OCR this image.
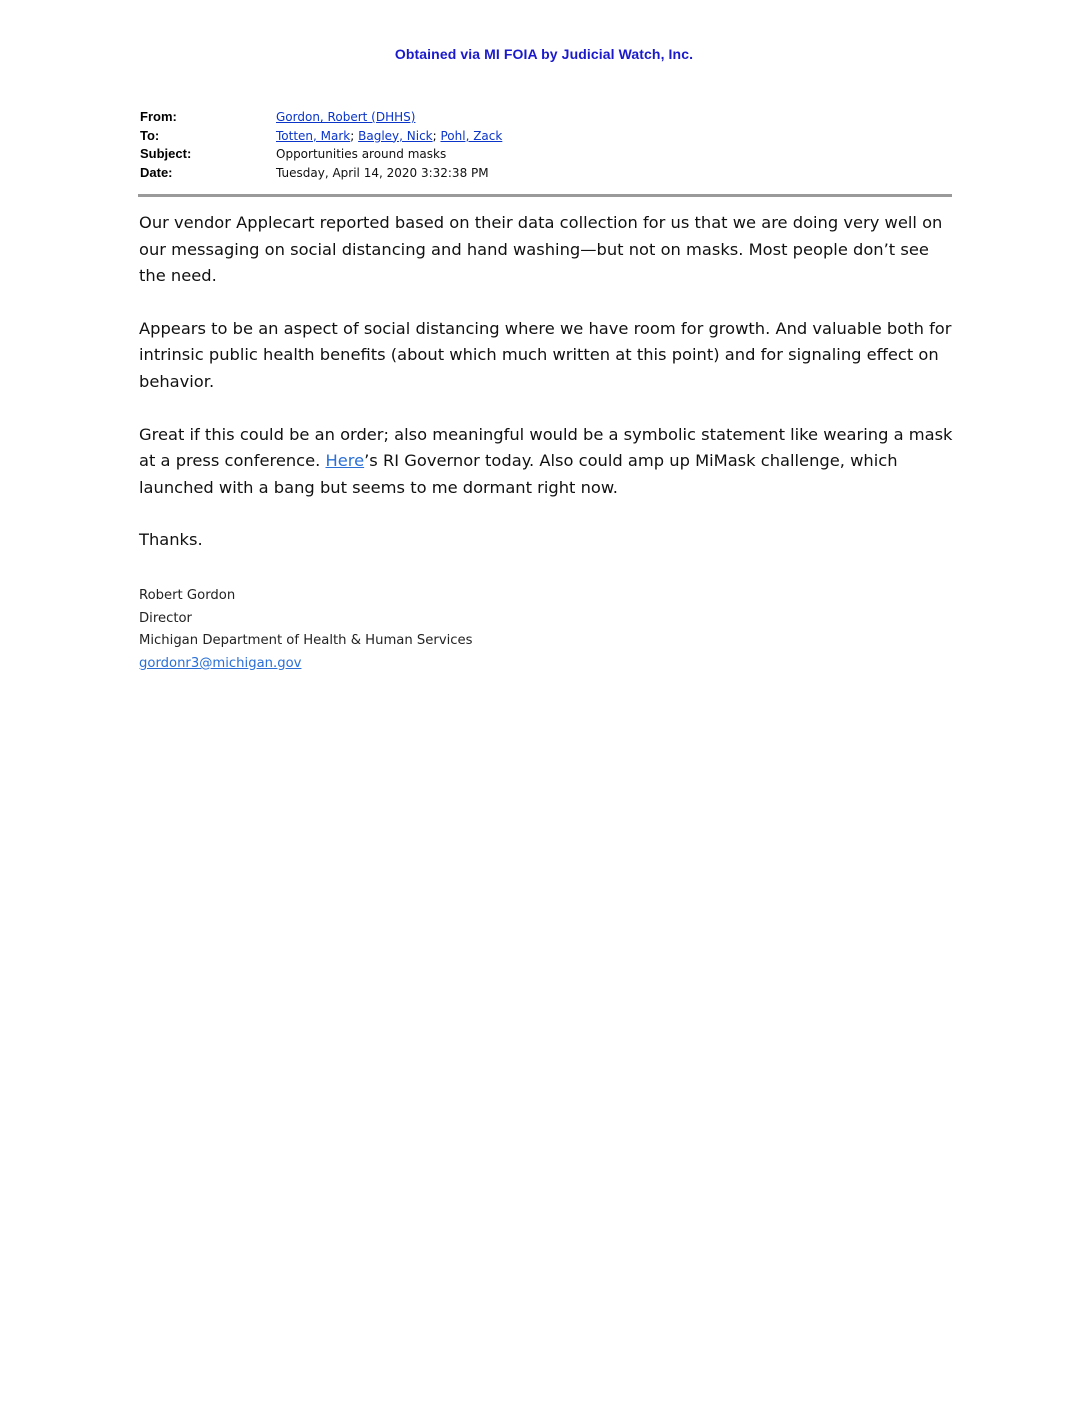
Obtained via MI FOIA by Judicial Watch, Inc.
From:	Gordon, Robert (DHHS)
To:	Totten, Mark; Bagley, Nick; Pohl, Zack
Subject:	Opportunities around masks
Date:	Tuesday, April 14, 2020 3:32:38 PM

Our vendor Applecart reported based on their data collection for us that we are doing very well on our messaging on social distancing and hand washing—but not on masks. Most people don’t see the need.

Appears to be an aspect of social distancing where we have room for growth. And valuable both for intrinsic public health benefits (about which much written at this point) and for signaling effect on behavior.

Great if this could be an order; also meaningful would be a symbolic statement like wearing a mask at a press conference. Here’s RI Governor today. Also could amp up MiMask challenge, which launched with a bang but seems to me dormant right now.

Thanks.

Robert Gordon
Director
Michigan Department of Health & Human Services
gordonr3@michigan.gov
